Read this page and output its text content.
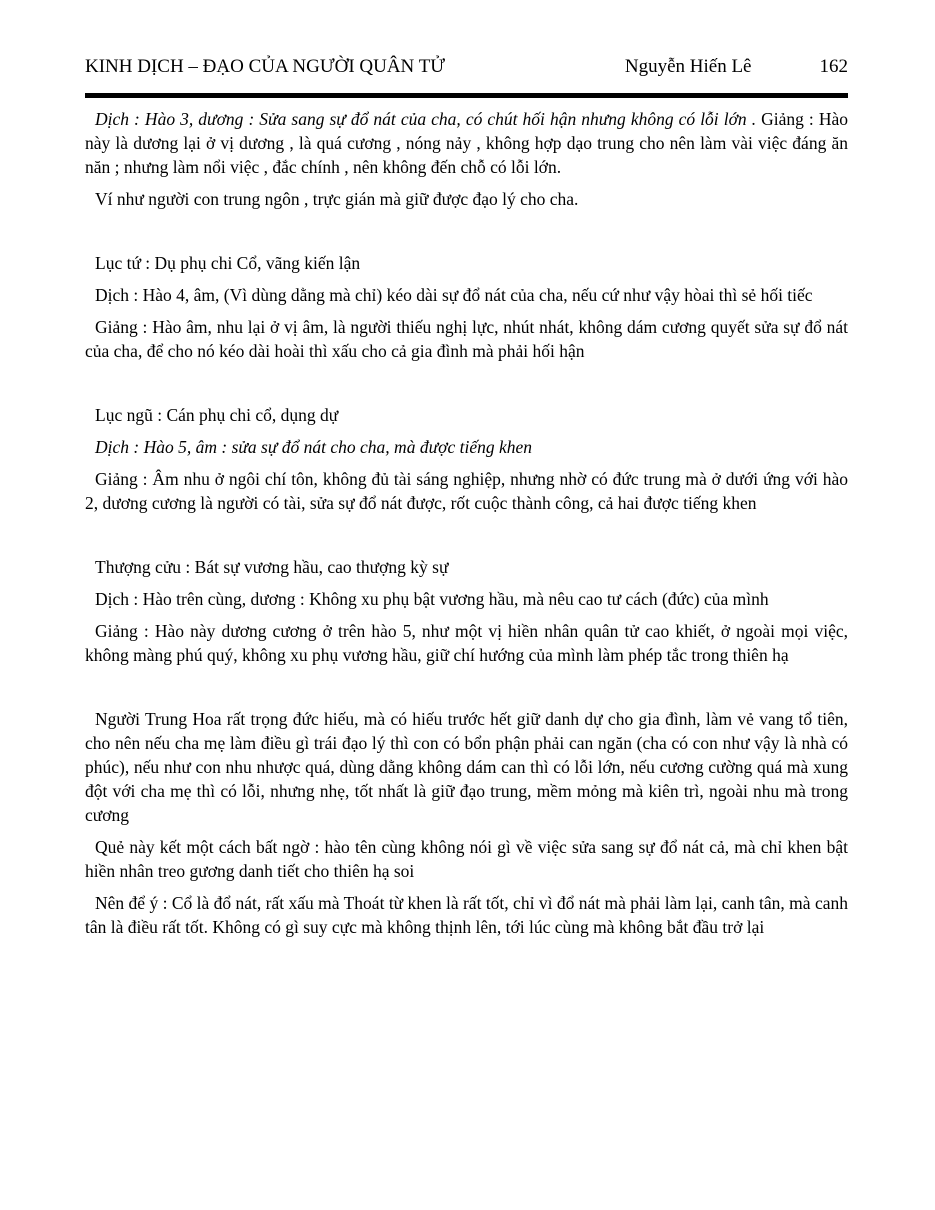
KINH DỊCH – ĐẠO CỦA NGƯỜI QUÂN TỬ	Nguyễn Hiến Lê	162

Dịch : Hào 3, dương : Sửa sang sự đổ nát của cha, có chút hối hận nhưng không có lỗi lớn . Giảng : Hào này là dương lại ở vị dương , là quá cương , nóng nảy , không hợp dạo trung cho nên làm vài việc đáng ăn năn ; nhưng làm nổi việc , đắc chính , nên không đến chỗ có lỗi lớn.

Ví như người con trung ngôn , trực gián mà giữ được đạo lý cho cha.

Lục tứ : Dụ phụ chi Cổ, vãng kiến lận

Dịch : Hào 4, âm, (Vì dùng dằng mà chỉ) kéo dài sự đổ nát của cha, nếu cứ như vậy hòai thì sẻ hối tiếc

Giảng : Hào âm, nhu lại ở vị âm, là người thiếu nghị lực, nhút nhát, không dám cương quyết sửa sự đổ nát của cha, để cho nó kéo dài hoài thì xấu cho cả gia đình mà phải hối hận

Lục ngũ : Cán phụ chi cổ, dụng dự

Dịch : Hào 5, âm : sửa sự đổ nát cho cha, mà được tiếng khen

Giảng : Âm nhu ở ngôi chí tôn, không đủ tài sáng nghiệp, nhưng nhờ có đức trung mà ở dưới ứng với hào 2, dương cương là người có tài, sửa sự đổ nát được, rốt cuộc thành công, cả hai được tiếng khen

Thượng cửu : Bát sự vương hầu, cao thượng kỳ sự

Dịch : Hào trên cùng, dương : Không xu phụ bật vương hầu, mà nêu cao tư cách (đức) của mình

Giảng : Hào này dương cương ở trên hào 5, như một vị hiền nhân quân tử cao khiết, ở ngoài mọi việc, không màng phú quý, không xu phụ vương hầu, giữ chí hướng của mình làm phép tắc trong thiên hạ

Người Trung Hoa rất trọng đức hiếu, mà có hiếu trước hết giữ danh dự cho gia đình, làm vẻ vang tổ tiên, cho nên nếu cha mẹ làm điều gì trái đạo lý thì con có bổn phận phải can ngăn (cha có con như vậy là nhà có phúc), nếu như con nhu nhược quá, dùng dằng không dám can thì có lỗi lớn, nếu cương cường quá mà xung đột với cha mẹ thì có lỗi, nhưng nhẹ, tốt nhất là giữ đạo trung, mềm mỏng mà kiên trì, ngoài nhu mà trong cương

Quẻ này kết một cách bất ngờ : hào tên cùng không nói gì về việc sửa sang sự đổ nát cả, mà chỉ khen bật hiền nhân treo gương danh tiết cho thiên hạ soi

Nên để ý : Cổ là đổ nát, rất xấu mà Thoát từ khen là rất tốt, chỉ vì đổ nát mà phải làm lại, canh tân, mà canh tân là điều rất tốt. Không có gì suy cực mà không thịnh lên, tới lúc cùng mà không bắt đầu trở lại
